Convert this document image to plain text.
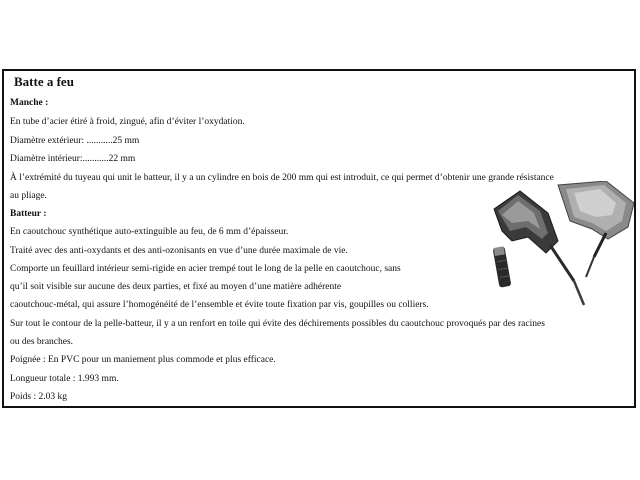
Batte a feu
Manche :
En tube d’acier étiré à froid, zingué, afin d’éviter l’oxydation.
Diamètre extérieur: ...........25 mm
Diamètre intérieur:...........22 mm
À l’extrémité du tuyeau qui unit le batteur, il y a un cylindre en bois de 200 mm qui est introduit, ce qui permet d’obtenir une grande résistance
au pliage.
Batteur :
En caoutchouc synthétique auto-extinguible au feu, de 6 mm d’épaisseur.
Traité avec des anti-oxydants et des anti-ozonisants en vue d’une durée maximale de vie.
Comporte un feuillard intérieur semi-rigide en acier trempé tout le long de la pelle en caoutchouc, sans
qu’il soit visible sur aucune des deux parties, et fixé au moyen d’une matière adhérente
caoutchouc-métal, qui assure l’homogénéité de l’ensemble et évite toute fixation par vis, goupilles ou colliers.
Sur tout le contour de la pelle-batteur, il y a un renfort en toile qui évite des déchirements possibles du caoutchouc provoqués par des racines
ou des branches.
Poignée : En PVC pour un maniement plus commode et plus efficace.
Longueur totale : 1.993 mm.
Poids : 2.03 kg
